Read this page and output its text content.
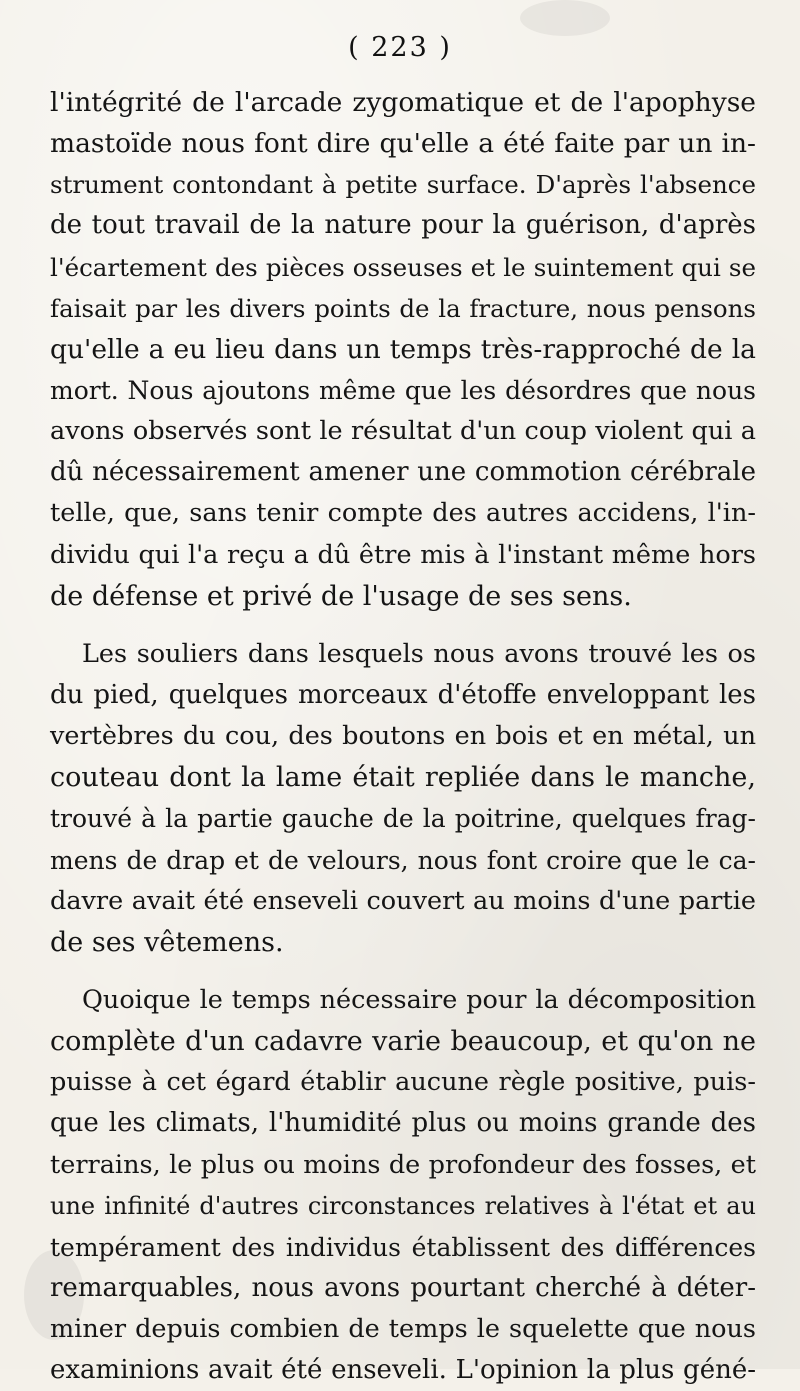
( 223 )
l'intégrité de l'arcade zygomatique et de l'apophyse
mastoïde nous font dire qu'elle a été faite par un in-
strument contondant à petite surface. D'après l'absence
de tout travail de la nature pour la guérison, d'après
l'écartement des pièces osseuses et le suintement qui se
faisait par les divers points de la fracture, nous pensons
qu'elle a eu lieu dans un temps très-rapproché de la
mort. Nous ajoutons même que les désordres que nous
avons observés sont le résultat d'un coup violent qui a
dû nécessairement amener une commotion cérébrale
telle, que, sans tenir compte des autres accidens, l'in-
dividu qui l'a reçu a dû être mis à l'instant même hors
de défense et privé de l'usage de ses sens.
Les souliers dans lesquels nous avons trouvé les os
du pied, quelques morceaux d'étoffe enveloppant les
vertèbres du cou, des boutons en bois et en métal, un
couteau dont la lame était repliée dans le manche,
trouvé à la partie gauche de la poitrine, quelques frag-
mens de drap et de velours, nous font croire que le ca-
davre avait été enseveli couvert au moins d'une partie
de ses vêtemens.
Quoique le temps nécessaire pour la décomposition
complète d'un cadavre varie beaucoup, et qu'on ne
puisse à cet égard établir aucune règle positive, puis-
que les climats, l'humidité plus ou moins grande des
terrains, le plus ou moins de profondeur des fosses, et
une infinité d'autres circonstances relatives à l'état et au
tempérament des individus établissent des différences
remarquables, nous avons pourtant cherché à déter-
miner depuis combien de temps le squelette que nous
examinions avait été enseveli. L'opinion la plus géné-
